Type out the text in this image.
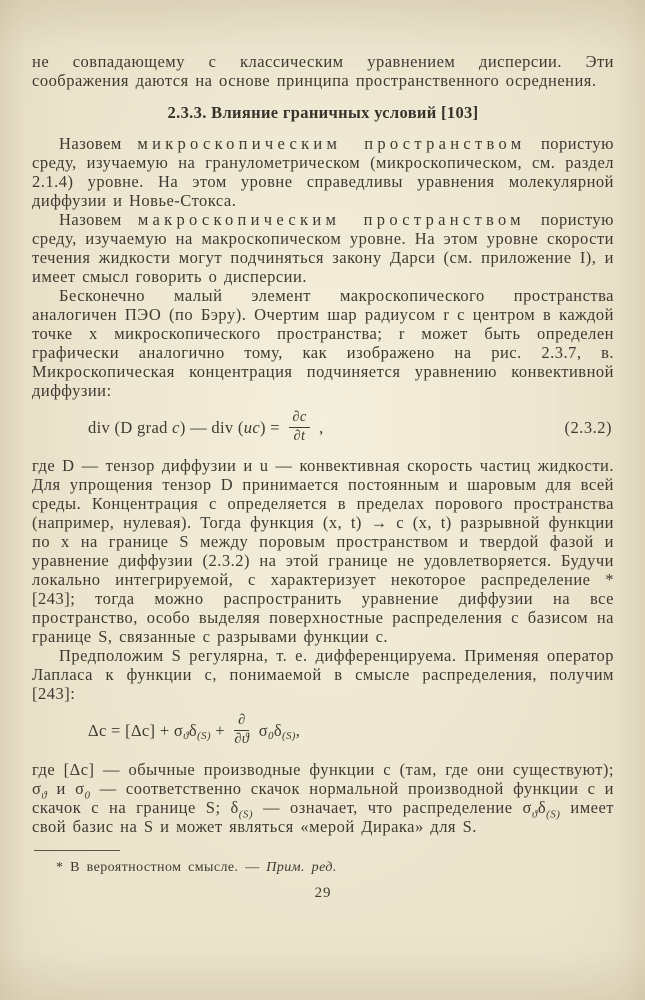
не совпадающему с классическим уравнением дисперсии. Эти соображения даются на основе принципа пространственного осреднения.

2.3.3. Влияние граничных условий [103]

Назовем микроскопическим пространством пористую среду, изучаемую на гранулометрическом (микроскопическом, см. раздел 2.1.4) уровне. На этом уровне справедливы уравнения молекулярной диффузии и Новье-Стокса.

Назовем макроскопическим пространством пористую среду, изучаемую на макроскопическом уровне. На этом уровне скорости течения жидкости могут подчиняться закону Дарси (см. приложение I), и имеет смысл говорить о дисперсии.

Бесконечно малый элемент макроскопического пространства аналогичен ПЭО (по Бэру). Очертим шар радиусом r с центром в каждой точке x микроскопического пространства; r может быть определен графически аналогично тому, как изображено на рис. 2.3.7, в. Микроскопическая концентрация подчиняется уравнению конвективной диффузии:

div (D grad c ) — div ( uc ) = $\frac{\partial c}{\partial t}$ ,	(2.3.2)

где D — тензор диффузии и u — конвективная скорость частиц жидкости. Для упрощения тензор D принимается постоянным и шаровым для всей среды. Концентрация c определяется в пределах порового пространства (например, нулевая). Тогда функция (x, t) → c (x, t) разрывной функции по x на границе S между поровым пространством и твердой фазой и уравнение диффузии (2.3.2) на этой границе не удовлетворяется. Будучи локально интегрируемой, c характеризует некоторое распределение * [243]; тогда можно распространить уравнение диффузии на все пространство, особо выделяя поверхностные распределения с базисом на границе S, связанные с разрывами функции c.

Предположим S регулярна, т. е. дифференцируема. Применяя оператор Лапласа к функции c, понимаемой в смысле распределения, получим [243]:

Δc = [Δc] + σ ϑ δ $(S) + \frac{\partial}{\partial ϑ}$ σ 0 δ (S) ,

где [Δc] — обычные производные функции c (там, где они существуют); $\sigma_ϑ$ и $\sigma_0$ — соответственно скачок нормальной производной функции c и скачок c на границе S; $\delta_{(S)}$ — означает, что распределение $\sigma_ϑ\delta_{(S)}$ имеет свой базис на S и может являться «мерой Дирака» для S.

* В вероятностном смысле. — Прим. ред.

29
